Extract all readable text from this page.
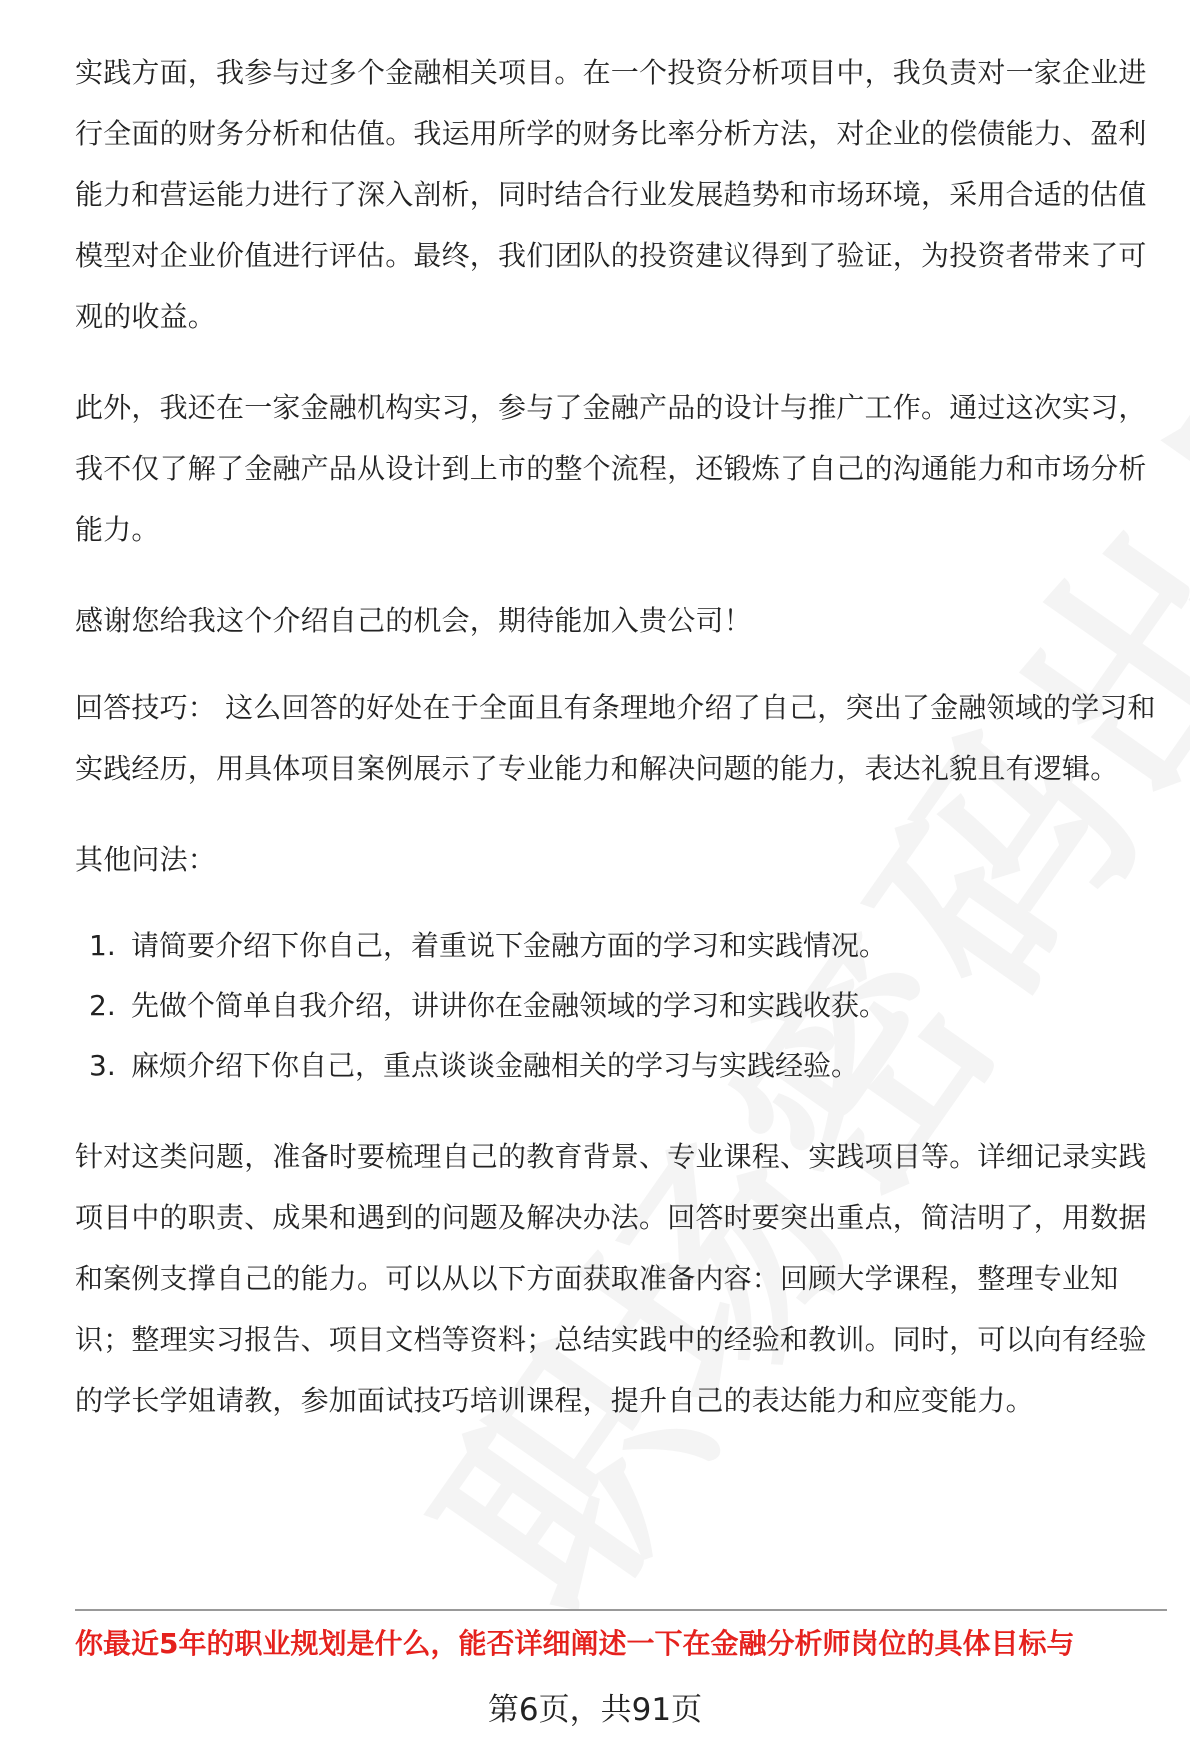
实践方面，我参与过多个金融相关项目。在一个投资分析项目中，我负责对一家企业进行全面的财务分析和估值。我运用所学的财务比率分析方法，对企业的偿债能力、盈利能力和营运能力进行了深入剖析，同时结合行业发展趋势和市场环境，采用合适的估值模型对企业价值进行评估。最终，我们团队的投资建议得到了验证，为投资者带来了可观的收益。

此外，我还在一家金融机构实习，参与了金融产品的设计与推广工作。通过这次实习，我不仅了解了金融产品从设计到上市的整个流程，还锻炼了自己的沟通能力和市场分析能力。

感谢您给我这个介绍自己的机会，期待能加入贵公司！

回答技巧： 这么回答的好处在于全面且有条理地介绍了自己，突出了金融领域的学习和实践经历，用具体项目案例展示了专业能力和解决问题的能力，表达礼貌且有逻辑。

其他问法：

1. 请简要介绍下你自己，着重说下金融方面的学习和实践情况。
2. 先做个简单自我介绍，讲讲你在金融领域的学习和实践收获。
3. 麻烦介绍下你自己，重点谈谈金融相关的学习与实践经验。

针对这类问题，准备时要梳理自己的教育背景、专业课程、实践项目等。详细记录实践项目中的职责、成果和遇到的问题及解决办法。回答时要突出重点，简洁明了，用数据和案例支撑自己的能力。可以从以下方面获取准备内容：回顾大学课程，整理专业知识；整理实习报告、项目文档等资料；总结实践中的经验和教训。同时，可以向有经验的学长学姐请教，参加面试技巧培训课程，提升自己的表达能力和应变能力。

你最近5年的职业规划是什么，能否详细阐述一下在金融分析师岗位的具体目标与
第6页，共91页
